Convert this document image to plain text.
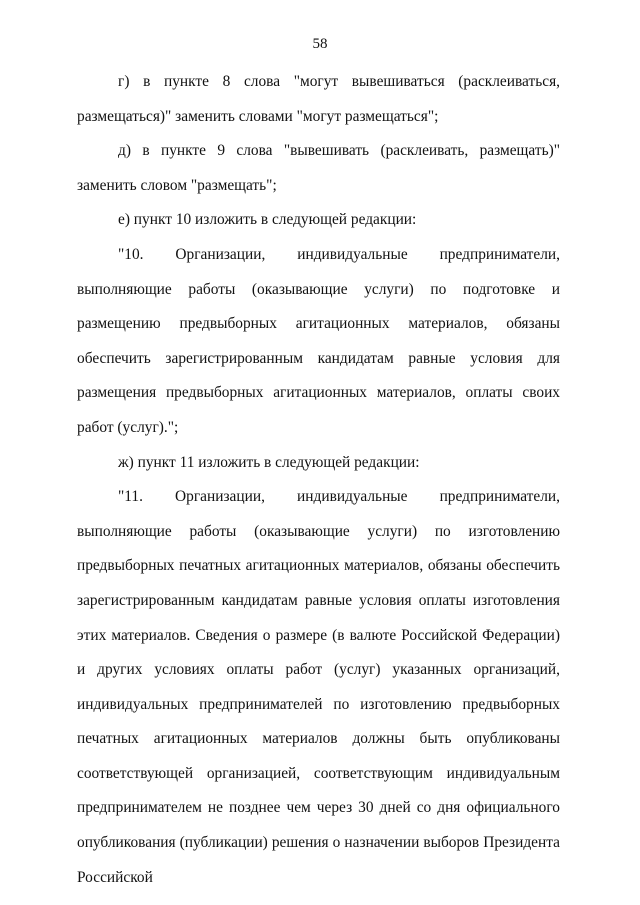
58

г) в пункте 8 слова "могут вывешиваться (расклеиваться, размещаться)" заменить словами "могут размещаться";

д) в пункте 9 слова "вывешивать (расклеивать, размещать)" заменить словом "размещать";

е) пункт 10 изложить в следующей редакции:

"10. Организации, индивидуальные предприниматели, выполняющие работы (оказывающие услуги) по подготовке и размещению предвыборных агитационных материалов, обязаны обеспечить зарегистрированным кандидатам равные условия для размещения предвыборных агитационных материалов, оплаты своих работ (услуг).";

ж) пункт 11 изложить в следующей редакции:

"11. Организации, индивидуальные предприниматели, выполняющие работы (оказывающие услуги) по изготовлению предвыборных печатных агитационных материалов, обязаны обеспечить зарегистрированным кандидатам равные условия оплаты изготовления этих материалов. Сведения о размере (в валюте Российской Федерации) и других условиях оплаты работ (услуг) указанных организаций, индивидуальных предпринимателей по изготовлению предвыборных печатных агитационных материалов должны быть опубликованы соответствующей организацией, соответствующим индивидуальным предпринимателем не позднее чем через 30 дней со дня официального опубликования (публикации) решения о назначении выборов Президента Российской
